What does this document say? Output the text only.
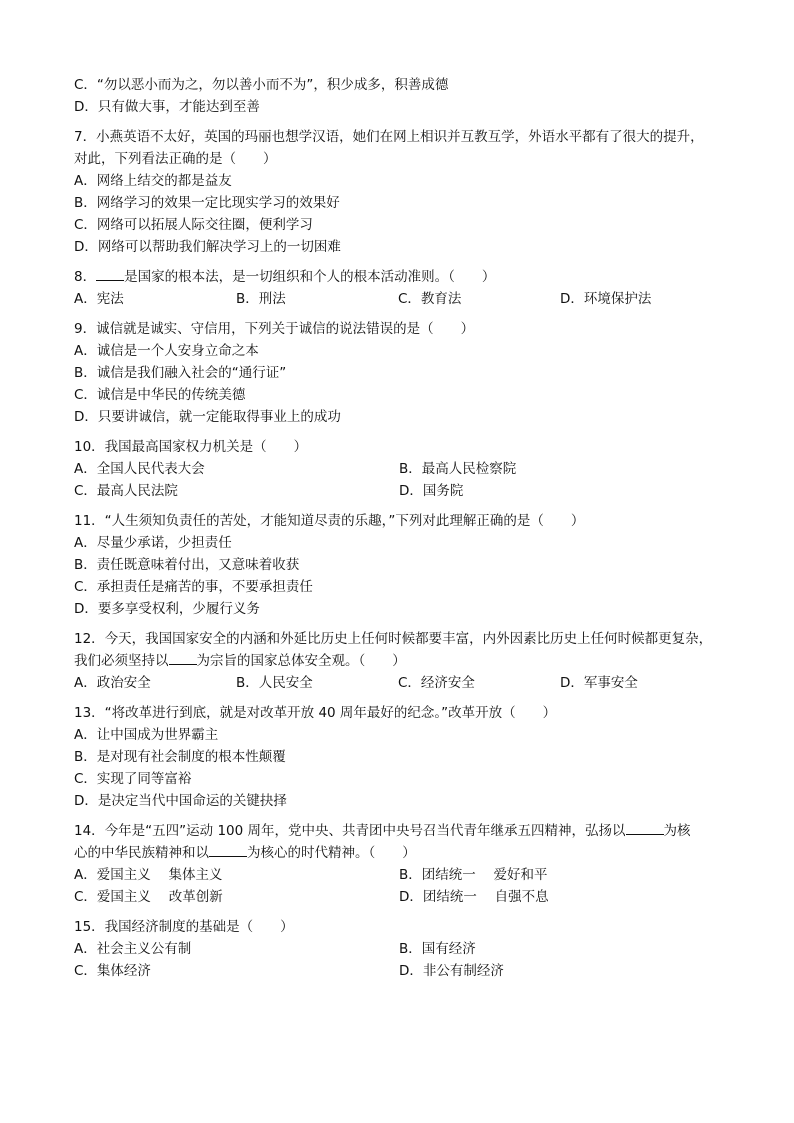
C．“勿以恶小而为之，勿以善小而不为”，积少成多，积善成德
D．只有做大事，才能达到至善
7．小燕英语不太好，英国的玛丽也想学汉语，她们在网上相识并互教互学，外语水平都有了很大的提升，
对此，下列看法正确的是（　　）
A．网络上结交的都是益友
B．网络学习的效果一定比现实学习的效果好
C．网络可以拓展人际交往圈，便利学习
D．网络可以帮助我们解决学习上的一切困难
8． 是国家的根本法，是一切组织和个人的根本活动准则。（　　）
A．宪法	B．刑法	C．教育法	D．环境保护法
9．诚信就是诚实、守信用，下列关于诚信的说法错误的是（　　）
A．诚信是一个人安身立命之本
B．诚信是我们融入社会的“通行证”
C．诚信是中华民的传统美德
D．只要讲诚信，就一定能取得事业上的成功
10．我国最高国家权力机关是（　　）
A．全国人民代表大会	B．最高人民检察院
C．最高人民法院	D．国务院
11．“人生须知负责任的苦处，才能知道尽责的乐趣，”下列对此理解正确的是（　　）
A．尽量少承诺，少担责任
B．责任既意味着付出，又意味着收获
C．承担责任是痛苦的事，不要承担责任
D．要多享受权利，少履行义务
12．今天，我国国家安全的内涵和外延比历史上任何时候都要丰富，内外因素比历史上任何时候都更复杂，
我们必须坚持以 为宗旨的国家总体安全观。（　　）
A．政治安全	B．人民安全	C．经济安全	D．军事安全
13．“将改革进行到底，就是对改革开放 40 周年最好的纪念。”改革开放（　　）
A．让中国成为世界霸主
B．是对现有社会制度的根本性颠覆
C．实现了同等富裕
D．是决定当代中国命运的关键抉择
14．今年是“五四”运动 100 周年，党中央、共青团中央号召当代青年继承五四精神，弘扬以	为核
心的中华民族精神和以	为核心的时代精神。（　　）
A．爱国主义　 集体主义	B．团结统一　 爱好和平
C．爱国主义　 改革创新	D．团结统一　 自强不息
15．我国经济制度的基础是（　　）
A．社会主义公有制	B．国有经济
C．集体经济	D．非公有制经济
